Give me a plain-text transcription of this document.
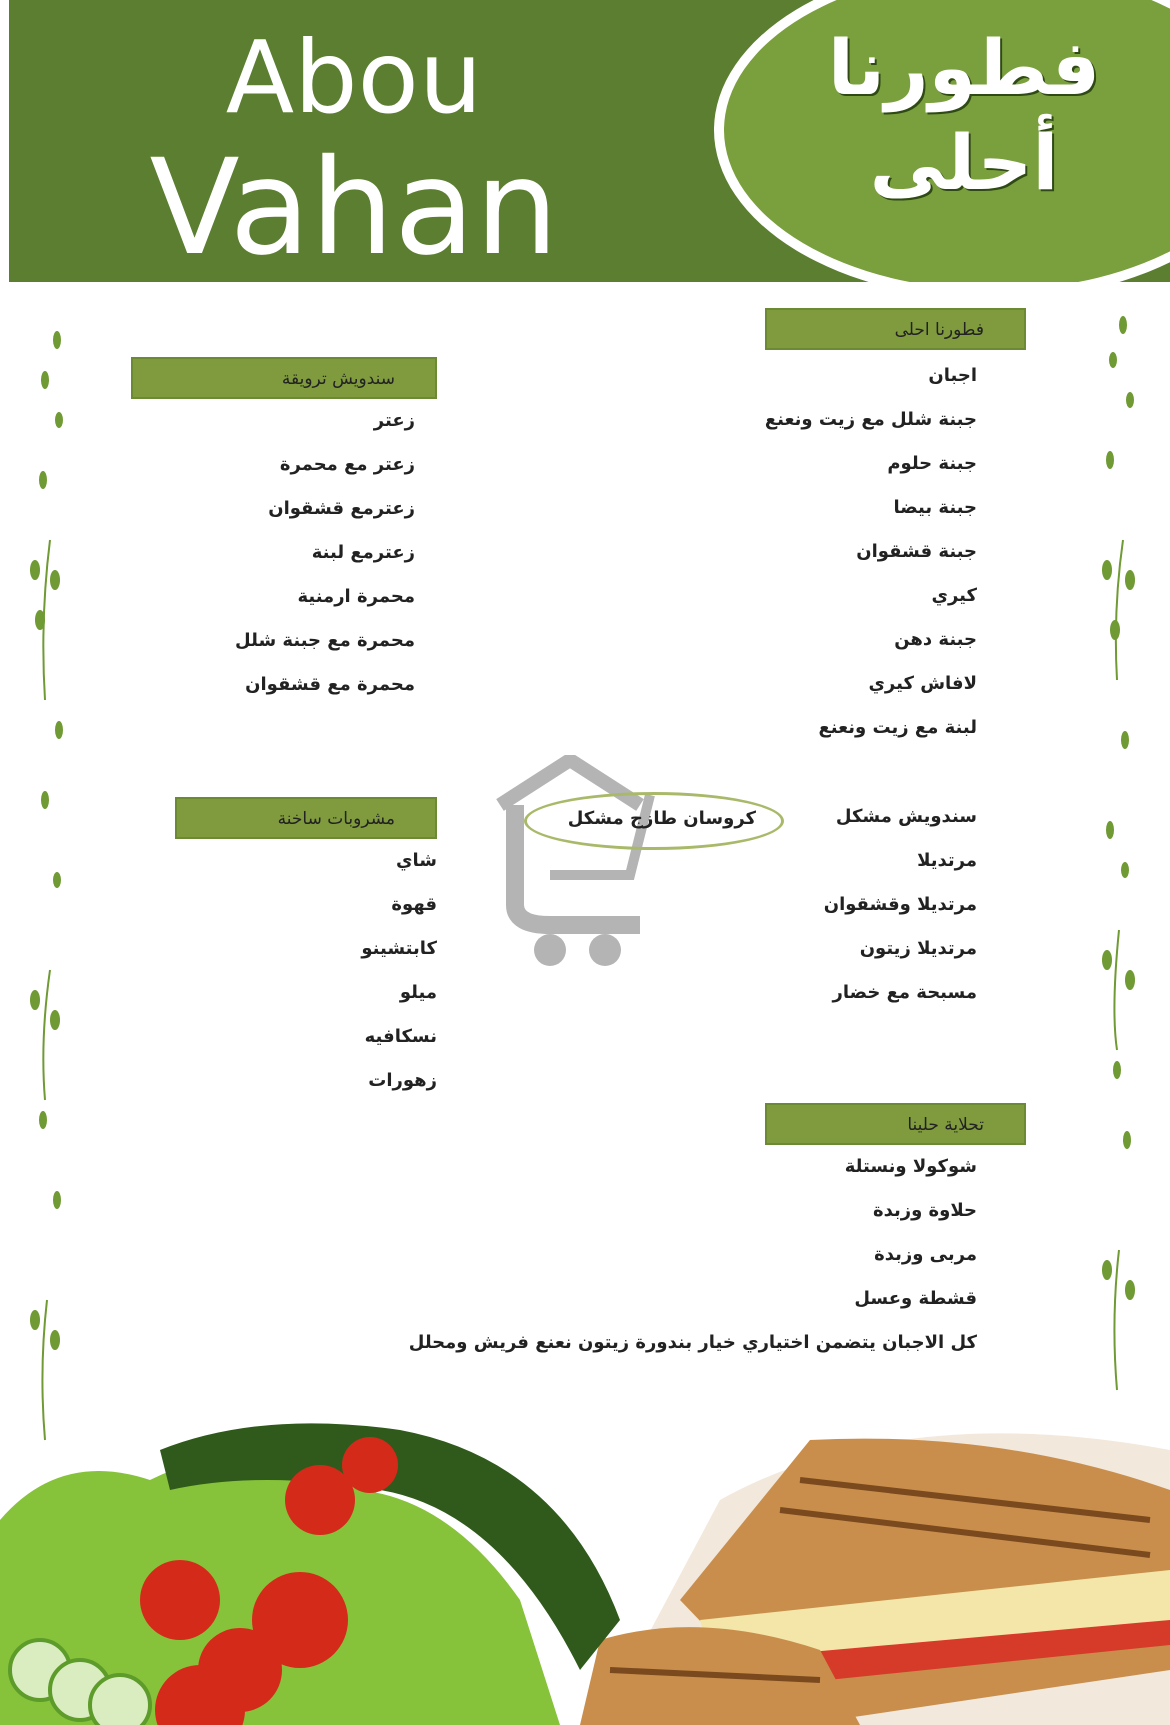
Abou
Vahan
فطورنا
أحلى
فطورنا احلى
سندويش ترويقة
مشروبات ساخنة
تحلاية حلينا
اجبان
جبنة شلل مع زيت ونعنع
جبنة حلوم
جبنة بيضا
جبنة قشقوان
كيري
جبنة دهن
لافاش كيري
لبنة مع زيت ونعنع
زعتر
زعتر مع محمرة
زعترمع قشقوان
زعترمع لبنة
محمرة ارمنية
محمرة مع جبنة شلل
محمرة مع قشقوان
سندويش مشكل
مرتديلا
مرتديلا وقشقوان
مرتديلا زيتون
مسبحة مع خضار
شاي
قهوة
كابتشينو
ميلو
نسكافيه
زهورات
شوكولا ونستلة
حلاوة وزبدة
مربى وزبدة
قشطة وعسل
كروسان طازج مشكل
كل الاجبان يتضمن اختياري خيار بندورة زيتون نعنع فريش ومحلل
